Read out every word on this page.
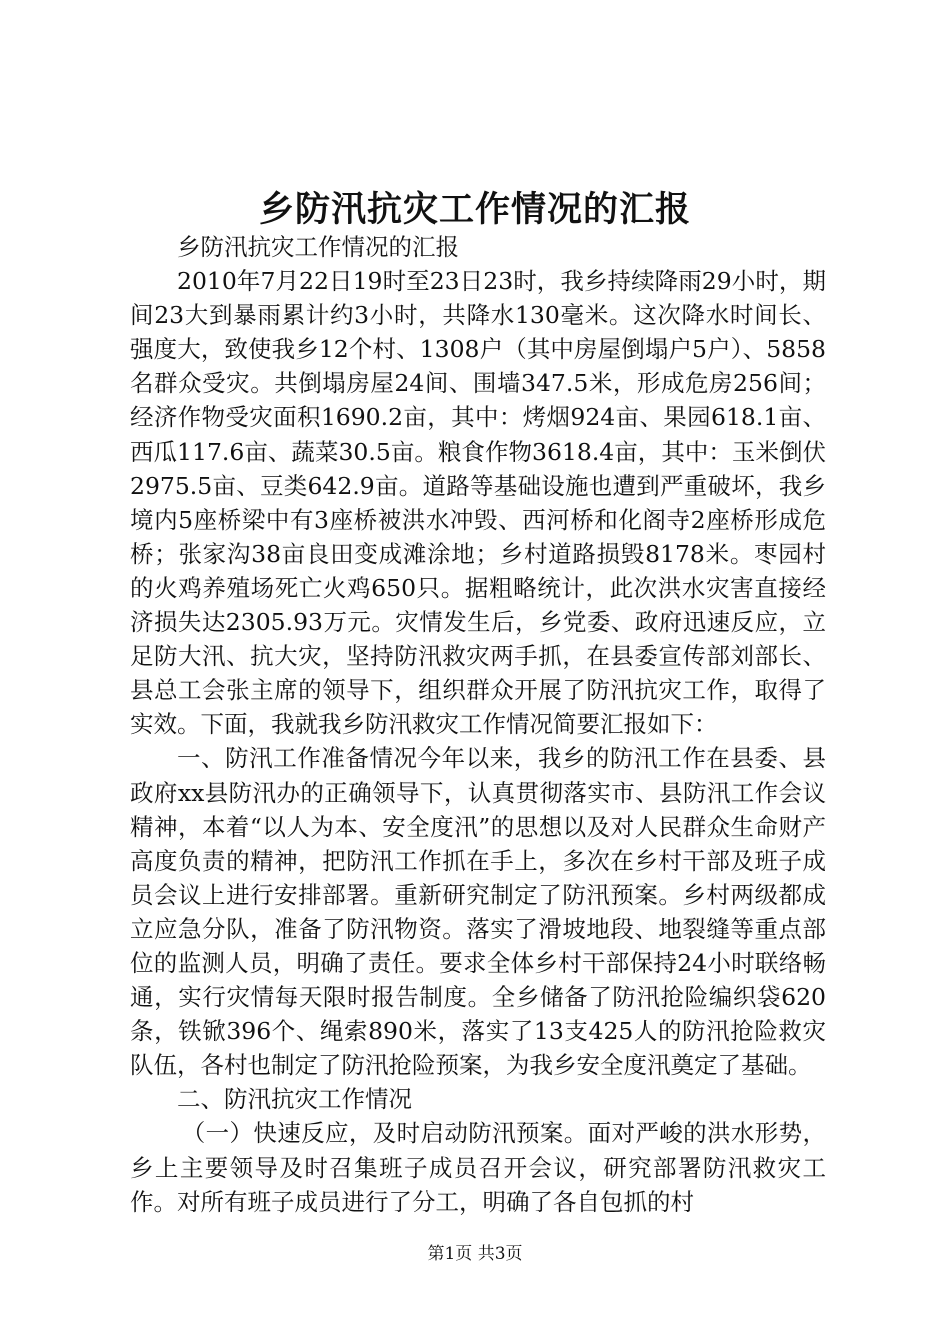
乡防汛抗灾工作情况的汇报

乡防汛抗灾工作情况的汇报

2010年7月22日19时至23日23时，我乡持续降雨29小时，期间23大到暴雨累计约3小时，共降水130毫米。这次降水时间长、强度大，致使我乡12个村、1308户（其中房屋倒塌户5户）、5858名群众受灾。共倒塌房屋24间、围墙347.5米，形成危房256间；经济作物受灾面积1690.2亩，其中：烤烟924亩、果园618.1亩、西瓜117.6亩、蔬菜30.5亩。粮食作物3618.4亩，其中：玉米倒伏2975.5亩、豆类642.9亩。道路等基础设施也遭到严重破坏，我乡境内5座桥梁中有3座桥被洪水冲毁、西河桥和化阁寺2座桥形成危桥；张家沟38亩良田变成滩涂地；乡村道路损毁8178米。枣园村的火鸡养殖场死亡火鸡650只。据粗略统计，此次洪水灾害直接经济损失达2305.93万元。灾情发生后，乡党委、政府迅速反应，立足防大汛、抗大灾，坚持防汛救灾两手抓，在县委宣传部刘部长、县总工会张主席的领导下，组织群众开展了防汛抗灾工作，取得了实效。下面，我就我乡防汛救灾工作情况简要汇报如下：

一、防汛工作准备情况今年以来，我乡的防汛工作在县委、县政府xx县防汛办的正确领导下，认真贯彻落实市、县防汛工作会议精神，本着“以人为本、安全度汛”的思想以及对人民群众生命财产高度负责的精神，把防汛工作抓在手上，多次在乡村干部及班子成员会议上进行安排部署。重新研究制定了防汛预案。乡村两级都成立应急分队，准备了防汛物资。落实了滑坡地段、地裂缝等重点部位的监测人员，明确了责任。要求全体乡村干部保持24小时联络畅通，实行灾情每天限时报告制度。全乡储备了防汛抢险编织袋620条，铁锨396个、绳索890米，落实了13支425人的防汛抢险救灾队伍，各村也制定了防汛抢险预案，为我乡安全度汛奠定了基础。

二、防汛抗灾工作情况

（一）快速反应，及时启动防汛预案。面对严峻的洪水形势，乡上主要领导及时召集班子成员召开会议，研究部署防汛救灾工作。对所有班子成员进行了分工，明确了各自包抓的村

第1页 共3页
